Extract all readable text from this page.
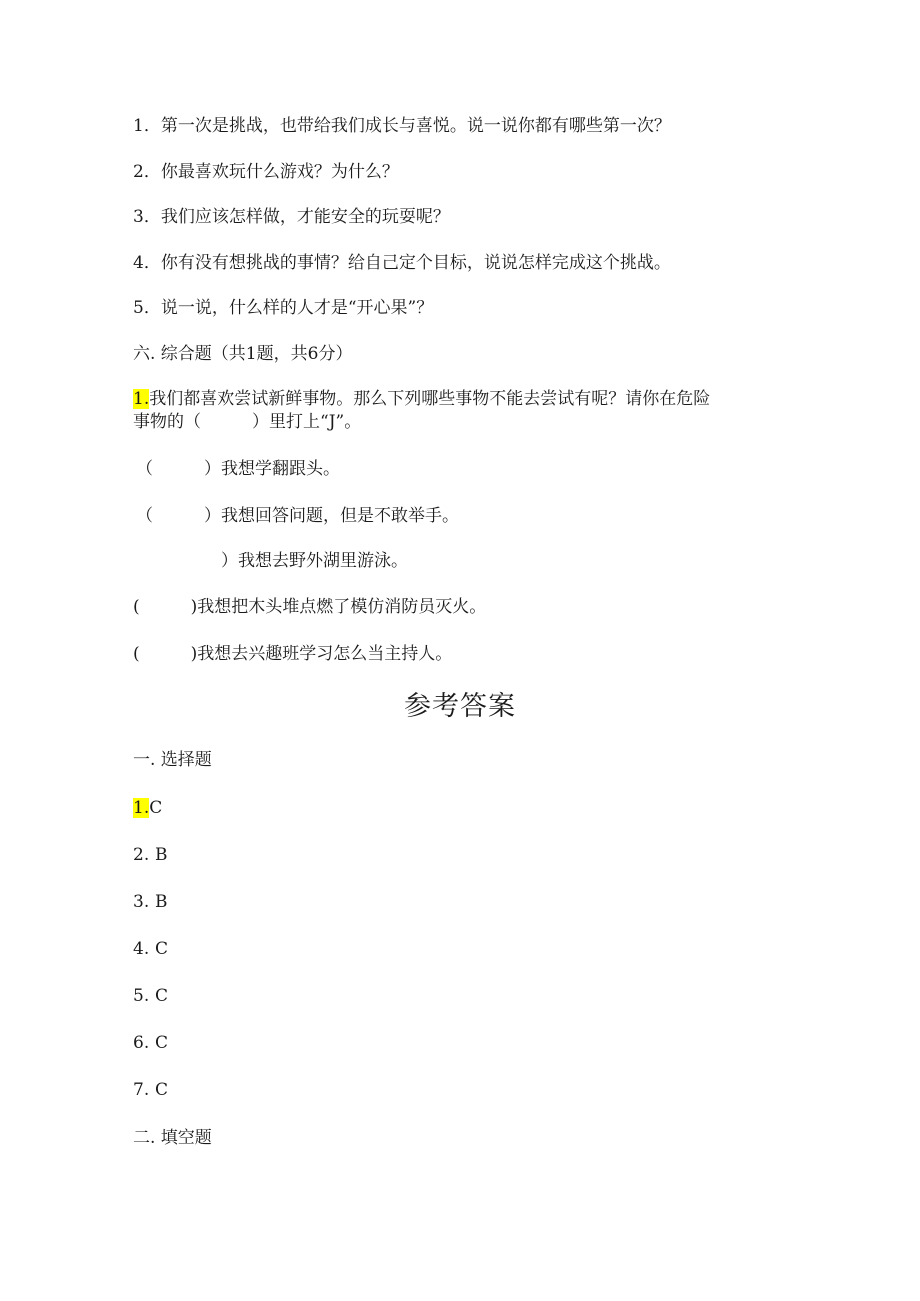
1．第一次是挑战，也带给我们成长与喜悦。说一说你都有哪些第一次？
2．你最喜欢玩什么游戏？为什么？
3．我们应该怎样做，才能安全的玩耍呢？
4．你有没有想挑战的事情？给自己定个目标，说说怎样完成这个挑战。
5．说一说，什么样的人才是“开心果”？
六. 综合题（共1题，共6分）
1.我们都喜欢尝试新鲜事物。那么下列哪些事物不能去尝试有呢？请你在危险
事物的（　　　）里打上“J”。
（　　　）我想学翻跟头。
（　　　）我想回答问题，但是不敢举手。
　　　　　）我想去野外湖里游泳。
(　　　)我想把木头堆点燃了模仿消防员灭火。
(　　　)我想去兴趣班学习怎么当主持人。
参考答案
一. 选择题
1.C
2. B
3. B
4. C
5. C
6. C
7. C
二. 填空题
